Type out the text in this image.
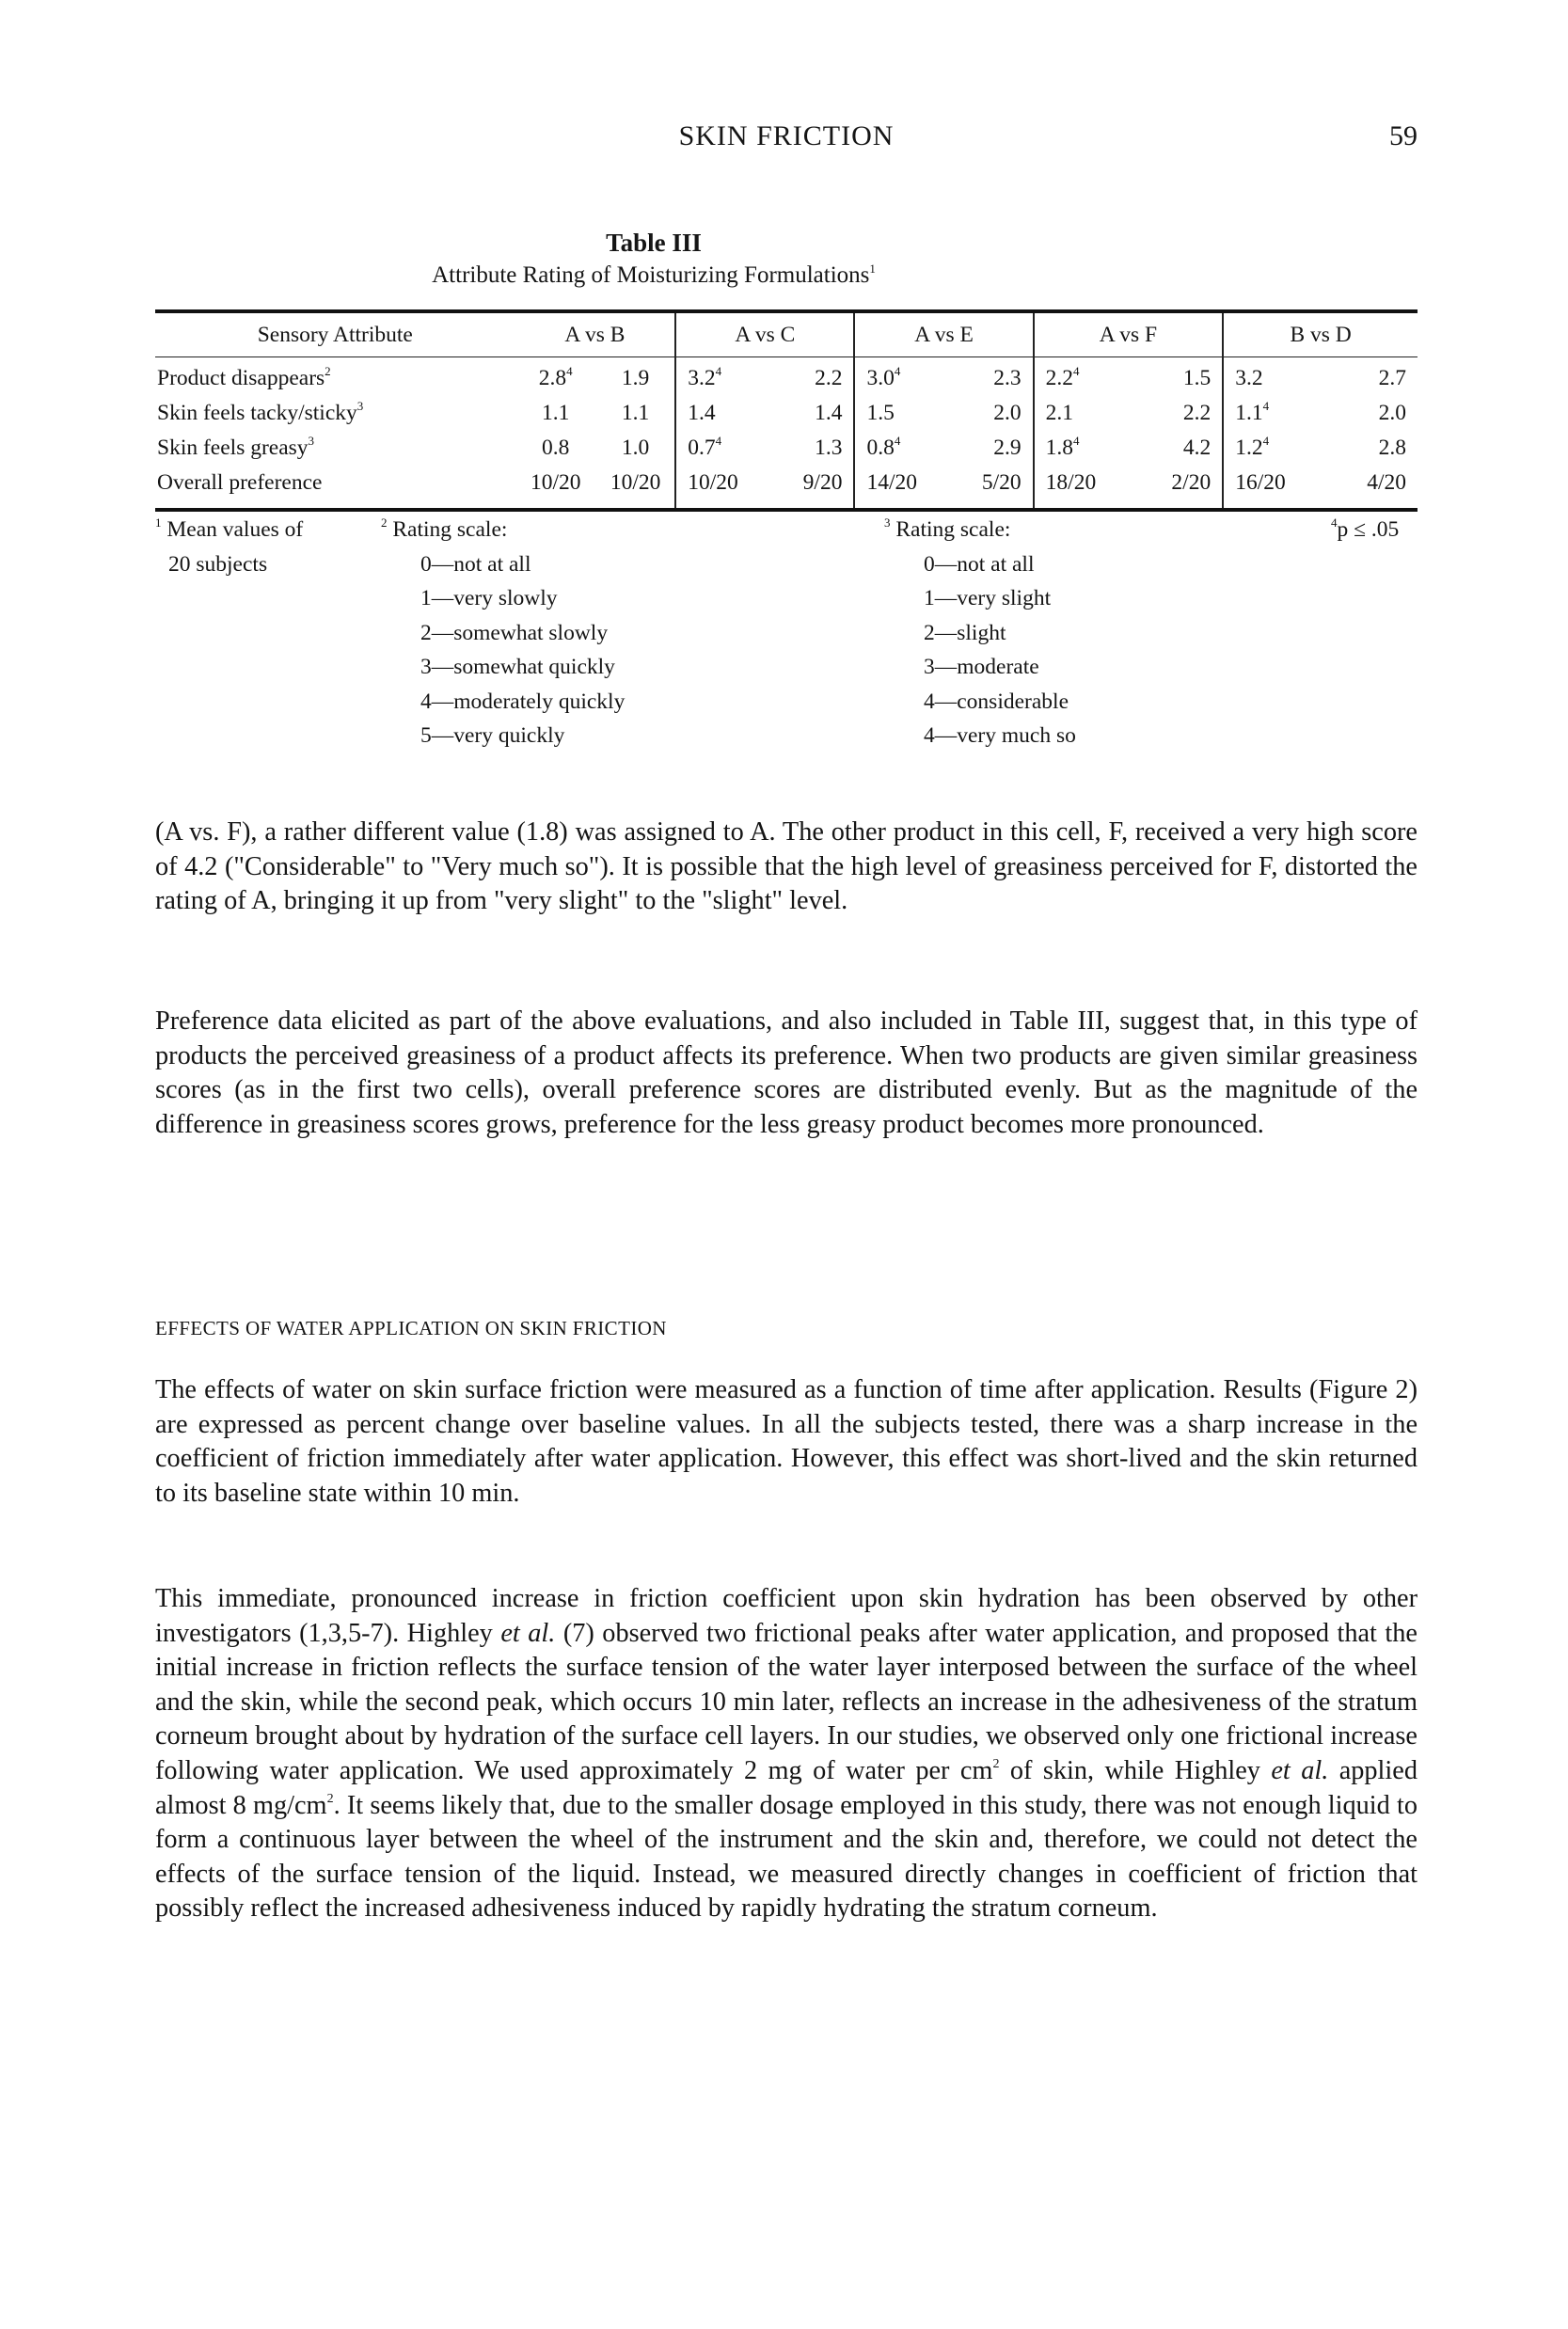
SKIN FRICTION	59
Table III
Attribute Rating of Moisturizing Formulations$^1$
Sensory Attribute	A vs B		A vs C		A vs E		A vs F		B vs D	
Product disappears$^2$	$2.8^4$	1.9	$3.2^4$	2.2	$3.0^4$	2.3	$2.2^4$	1.5	3.2	2.7
Skin feels tacky/sticky$^3$	1.1	1.1	1.4	1.4	1.5	2.0	2.1	2.2	$1.1^4$	2.0
Skin feels greasy$^3$	0.8	1.0	$0.7^4$	1.3	$0.8^4$	2.9	$1.8^4$	4.2	$1.2^4$	2.8
Overall preference	10/20	10/20	10/20	9/20	14/20	5/20	18/20	2/20	16/20	4/20
$^1$ Mean values of
20 subjects
$^2$ Rating scale:
0—not at all
1—very slowly
2—somewhat slowly
3—somewhat quickly
4—moderately quickly
5—very quickly
$^3$ Rating scale:
0—not at all
1—very slight
2—slight
3—moderate
4—considerable
4—very much so
$^4$p ≤ .05

(A vs. F), a rather different value (1.8) was assigned to A. The other product in this cell, F, received a very high score of 4.2 ("Considerable" to "Very much so"). It is possible that the high level of greasiness perceived for F, distorted the rating of A, bringing it up from "very slight" to the "slight" level.

Preference data elicited as part of the above evaluations, and also included in Table III, suggest that, in this type of products the perceived greasiness of a product affects its preference. When two products are given similar greasiness scores (as in the first two cells), overall preference scores are distributed evenly. But as the magnitude of the difference in greasiness scores grows, preference for the less greasy product becomes more pronounced.

EFFECTS OF WATER APPLICATION ON SKIN FRICTION

The effects of water on skin surface friction were measured as a function of time after application. Results (Figure 2) are expressed as percent change over baseline values. In all the subjects tested, there was a sharp increase in the coefficient of friction immediately after water application. However, this effect was short-lived and the skin returned to its baseline state within 10 min.

This immediate, pronounced increase in friction coefficient upon skin hydration has been observed by other investigators (1,3,5-7). Highley et al. (7) observed two frictional peaks after water application, and proposed that the initial increase in friction reflects the surface tension of the water layer interposed between the surface of the wheel and the skin, while the second peak, which occurs 10 min later, reflects an increase in the adhesiveness of the stratum corneum brought about by hydration of the surface cell layers. In our studies, we observed only one frictional increase following water application. We used approximately 2 mg of water per $cm^2$ of skin, while Highley et al. applied almost 8 $mg/cm^2$. It seems likely that, due to the smaller dosage employed in this study, there was not enough liquid to form a continuous layer between the wheel of the instrument and the skin and, therefore, we could not detect the effects of the surface tension of the liquid. Instead, we measured directly changes in coefficient of friction that possibly reflect the increased adhesiveness induced by rapidly hydrating the stratum corneum.
